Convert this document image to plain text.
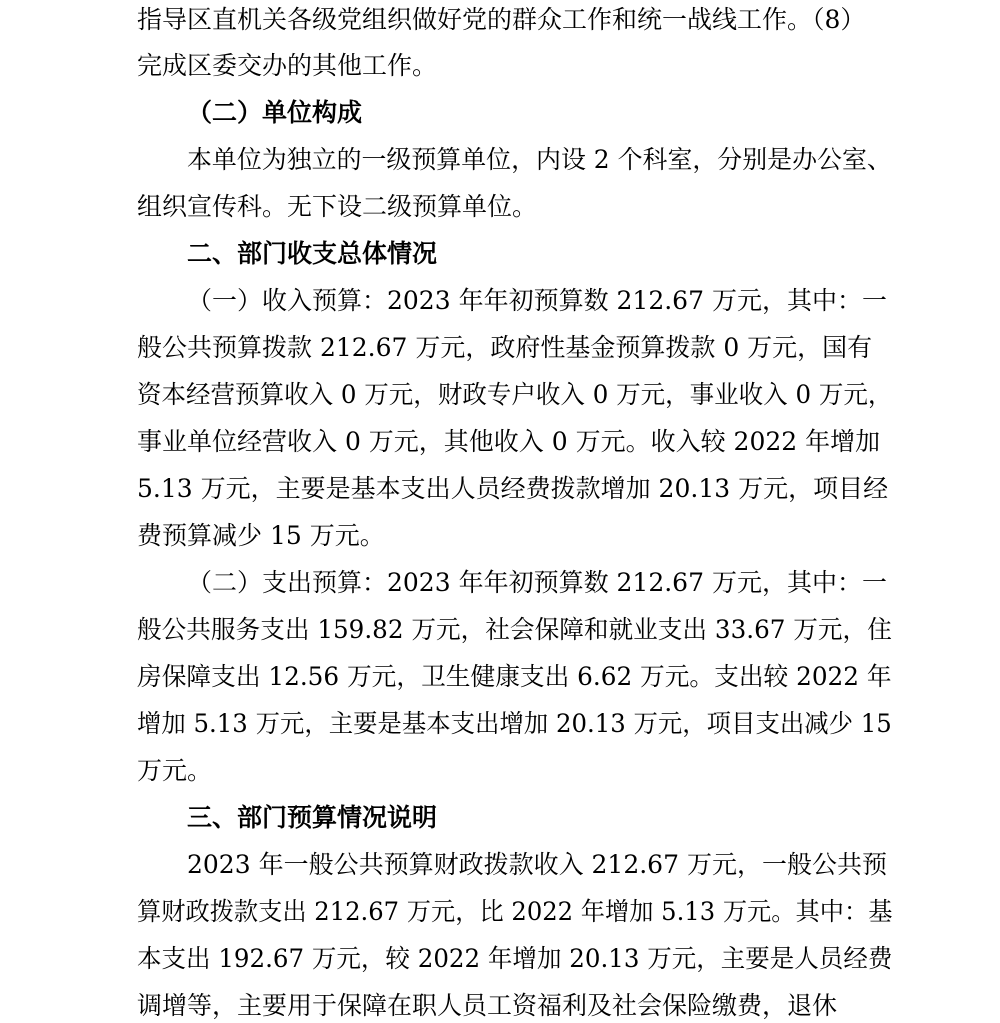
指导区直机关各级党组织做好党的群众工作和统一战线工作。（8）
完成区委交办的其他工作。
（二）单位构成
本单位为独立的一级预算单位，内设 2 个科室，分别是办公室、
组织宣传科。无下设二级预算单位。
二、部门收支总体情况
（一）收入预算：2023 年年初预算数 212.67 万元，其中：一
般公共预算拨款 212.67 万元，政府性基金预算拨款 0 万元，国有
资本经营预算收入 0 万元，财政专户收入 0 万元，事业收入 0 万元，
事业单位经营收入 0 万元，其他收入 0 万元。收入较 2022 年增加
5.13 万元，主要是基本支出人员经费拨款增加 20.13 万元，项目经
费预算减少 15 万元。
（二）支出预算：2023 年年初预算数 212.67 万元，其中：一
般公共服务支出 159.82 万元，社会保障和就业支出 33.67 万元，住
房保障支出 12.56 万元，卫生健康支出 6.62 万元。支出较 2022 年
增加 5.13 万元，主要是基本支出增加 20.13 万元，项目支出减少 15
万元。
三、部门预算情况说明
2023 年一般公共预算财政拨款收入 212.67 万元，一般公共预
算财政拨款支出 212.67 万元，比 2022 年增加 5.13 万元。其中：基
本支出 192.67 万元，较 2022 年增加 20.13 万元，主要是人员经费
调增等，主要用于保障在职人员工资福利及社会保险缴费，退休
